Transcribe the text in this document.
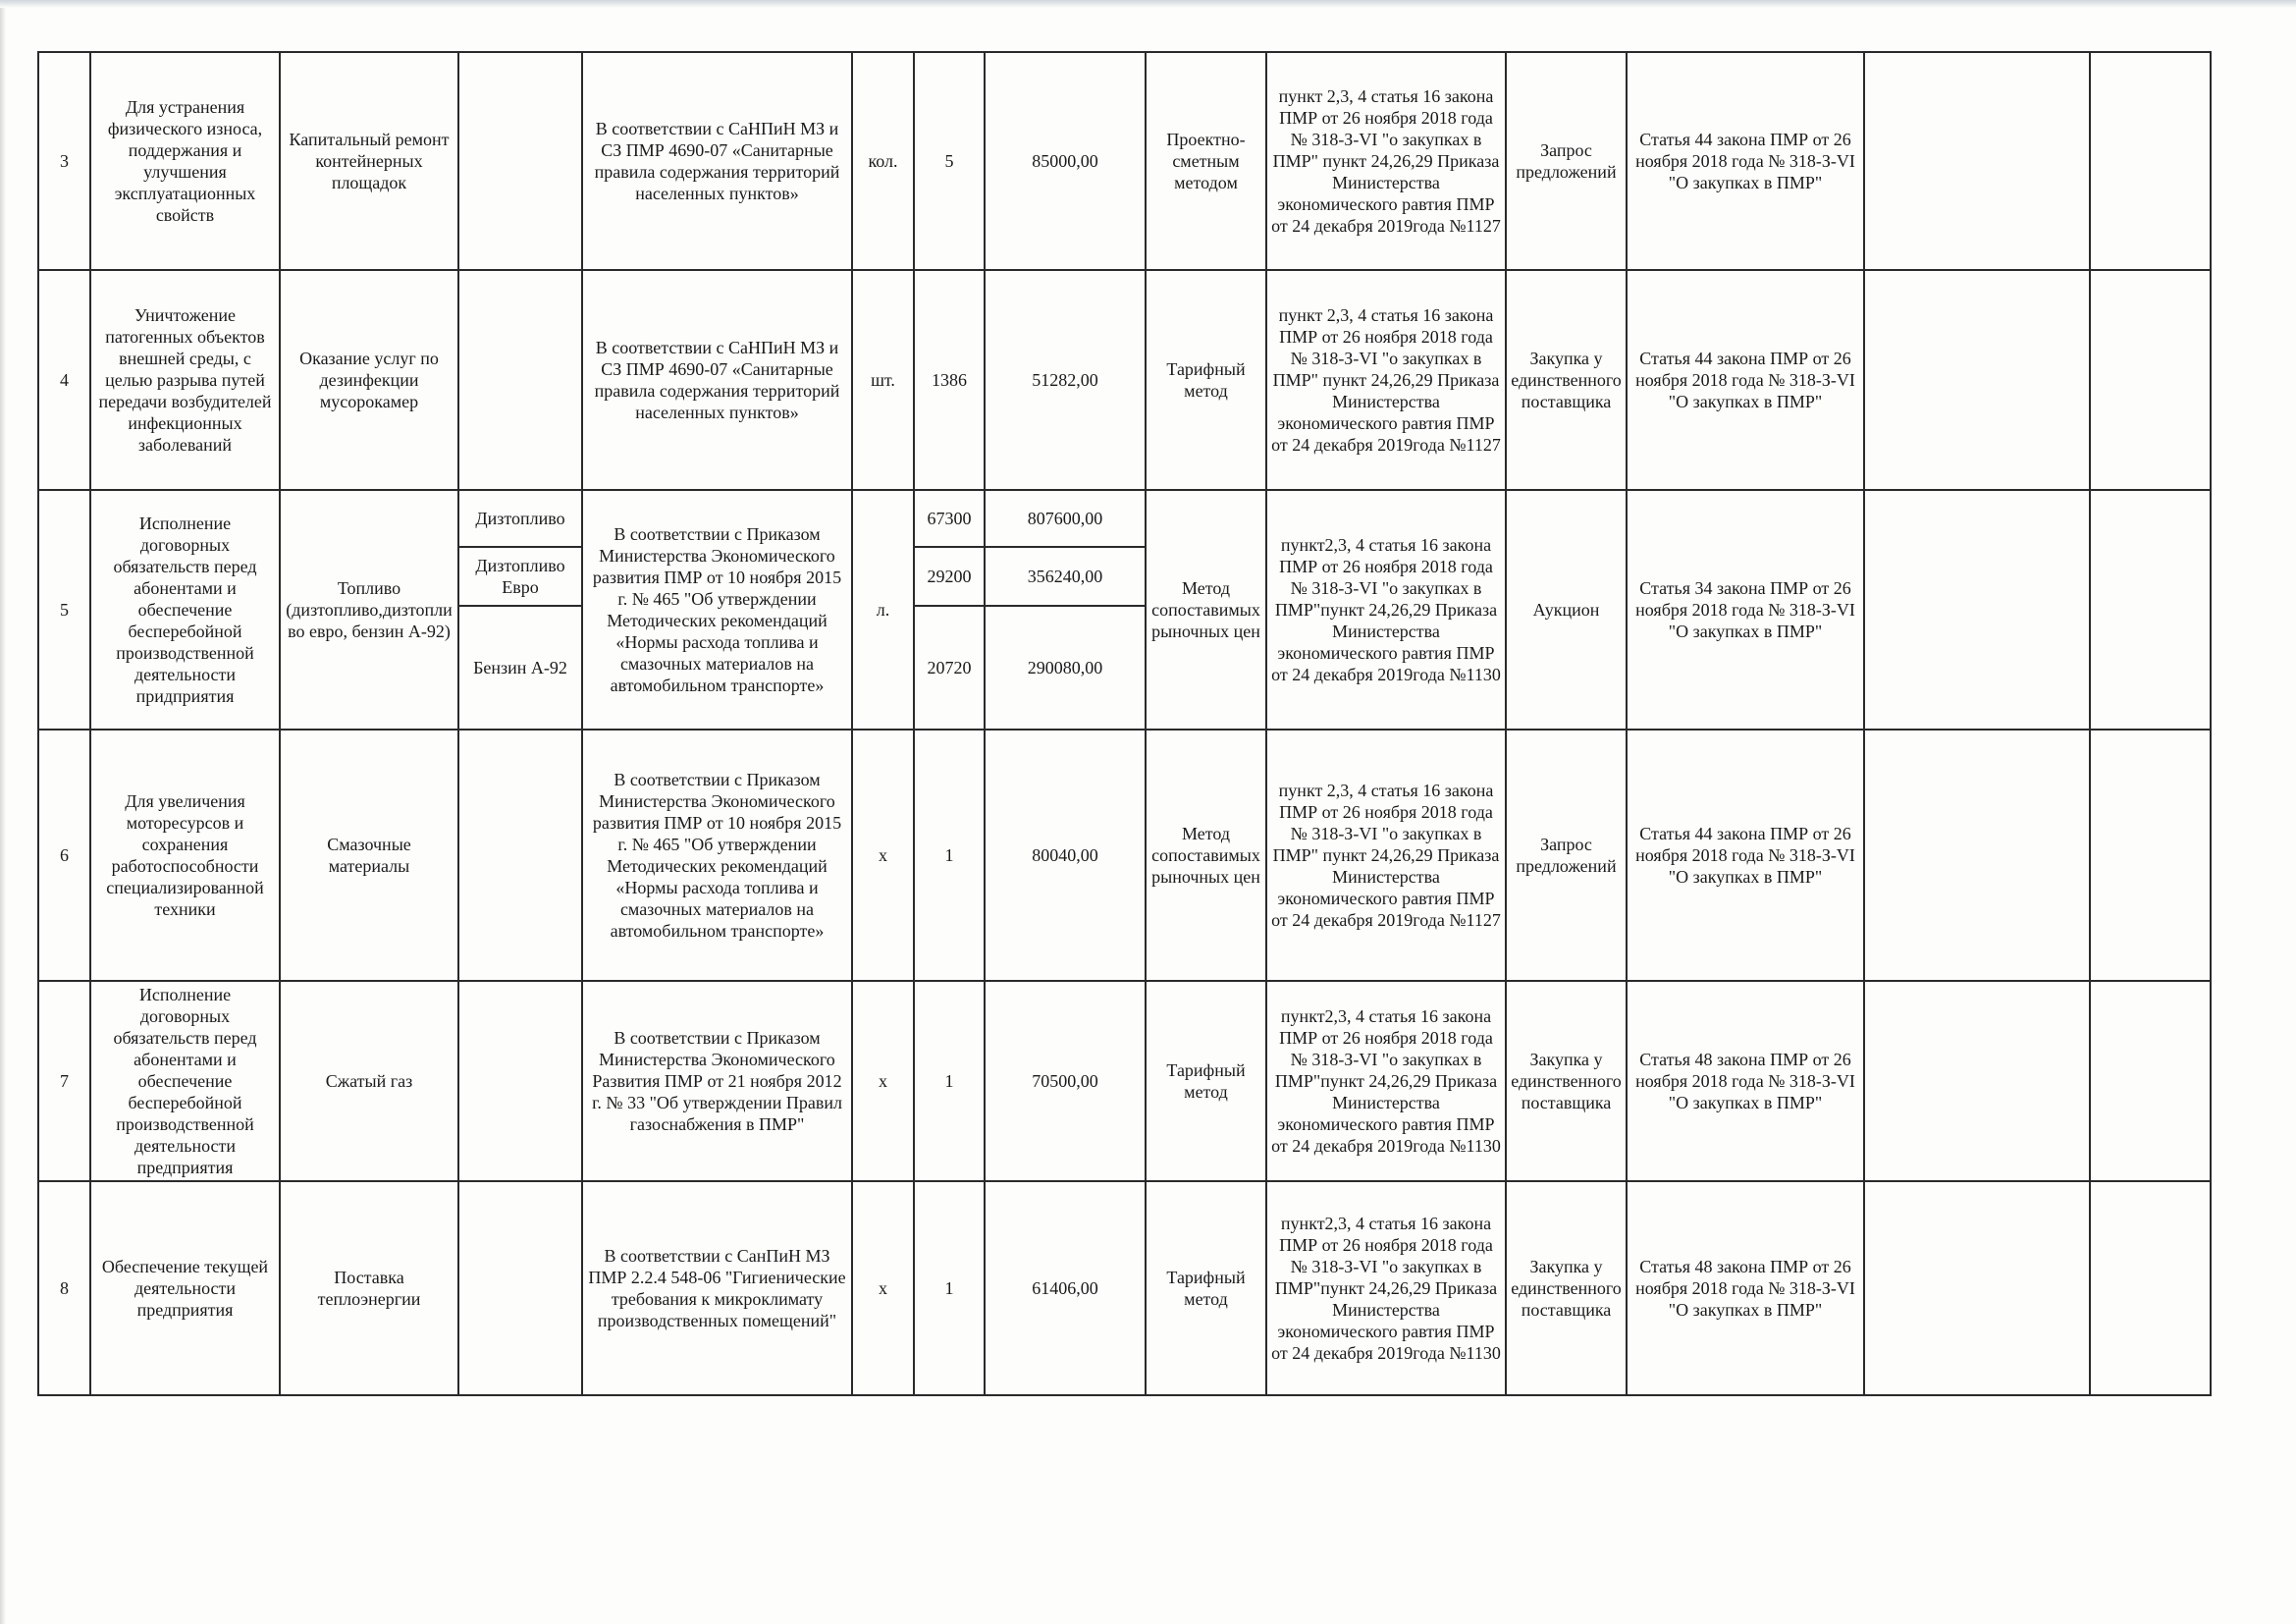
3	Для устранения физического износа, поддержания и улучшения эксплуатационных свойств	Капитальный ремонт контейнерных площадок		В соответствии с СаНПиН МЗ и СЗ ПМР 4690-07 «Санитарные правила содержания территорий населенных пунктов»	кол.	5	85000,00	Проектно-сметным методом	пункт 2,3, 4 статья 16 закона ПМР от 26 ноября 2018 года № 318-З-VI "о закупках в ПМР" пункт 24,26,29 Приказа Министерства экономического равтия ПМР от 24 декабря 2019года №1127	Запрос предложений	Статья 44 закона ПМР от 26 ноября 2018 года № 318-З-VI "О закупках в ПМР"		
4	Уничтожение патогенных объектов внешней среды, с целью разрыва путей передачи возбудителей инфекционных заболеваний	Оказание услуг по дезинфекции мусорокамер		В соответствии с СаНПиН МЗ и СЗ ПМР 4690-07 «Санитарные правила содержания территорий населенных пунктов»	шт.	1386	51282,00	Тарифный метод	пункт 2,3, 4 статья 16 закона ПМР от 26 ноября 2018 года № 318-З-VI "о закупках в ПМР" пункт 24,26,29 Приказа Министерства экономического равтия ПМР от 24 декабря 2019года №1127	Закупка у единственного поставщика	Статья 44 закона ПМР от 26 ноября 2018 года № 318-З-VI "О закупках в ПМР"		
5	Исполнение договорных обязательств перед абонентами и обеспечение бесперебойной производственной деятельности придприятия	Топливо (дизтопливо,дизтопливо евро, бензин А-92)	Дизтопливо	В соответствии с Приказом Министерства Экономического развития ПМР от 10 ноября 2015 г. № 465 "Об утверждении Методических рекомендаций «Нормы расхода топлива и смазочных материалов на автомобильном транспорте»	л.	67300	807600,00	Метод сопоставимых рыночных цен	пункт2,3, 4 статья 16 закона ПМР от 26 ноября 2018 года № 318-З-VI "о закупках в ПМР"пункт 24,26,29 Приказа Министерства экономического равтия ПМР от 24 декабря 2019года №1130	Аукцион	Статья 34 закона ПМР от 26 ноября 2018 года № 318-З-VI "О закупках в ПМР"		
			Дизтопливо Евро			29200	356240,00						
			Бензин А-92			20720	290080,00						
6	Для увеличения моторесурсов и сохранения работоспособности специализированной техники	Смазочные материалы		В соответствии с Приказом Министерства Экономического развития ПМР от 10 ноября 2015 г. № 465 "Об утверждении Методических рекомендаций «Нормы расхода топлива и смазочных материалов на автомобильном транспорте»	х	1	80040,00	Метод сопоставимых рыночных цен	пункт 2,3, 4 статья 16 закона ПМР от 26 ноября 2018 года № 318-З-VI "о закупках в ПМР" пункт 24,26,29 Приказа Министерства экономического равтия ПМР от 24 декабря 2019года №1127	Запрос предложений	Статья 44 закона ПМР от 26 ноября 2018 года № 318-З-VI "О закупках в ПМР"		
7	Исполнение договорных обязательств перед абонентами и обеспечение бесперебойной производственной деятельности предприятия	Сжатый газ		В соответствии с Приказом Министерства Экономического Развития ПМР от 21 ноября 2012 г. № 33 "Об утверждении Правил газоснабжения в ПМР"	х	1	70500,00	Тарифный метод	пункт2,3, 4 статья 16 закона ПМР от 26 ноября 2018 года № 318-З-VI "о закупках в ПМР"пункт 24,26,29 Приказа Министерства экономического равтия ПМР от 24 декабря 2019года №1130	Закупка у единственного поставщика	Статья 48 закона ПМР от 26 ноября 2018 года № 318-З-VI "О закупках в ПМР"		
8	Обеспечение текущей деятельности предприятия	Поставка теплоэнергии		В соответствии с СанПиН МЗ ПМР 2.2.4 548-06 "Гигиенические требования к микроклимату производственных помещений"	х	1	61406,00	Тарифный метод	пункт2,3, 4 статья 16 закона ПМР от 26 ноября 2018 года № 318-З-VI "о закупках в ПМР"пункт 24,26,29 Приказа Министерства экономического равтия ПМР от 24 декабря 2019года №1130	Закупка у единственного поставщика	Статья 48 закона ПМР от 26 ноября 2018 года № 318-З-VI "О закупках в ПМР"		
